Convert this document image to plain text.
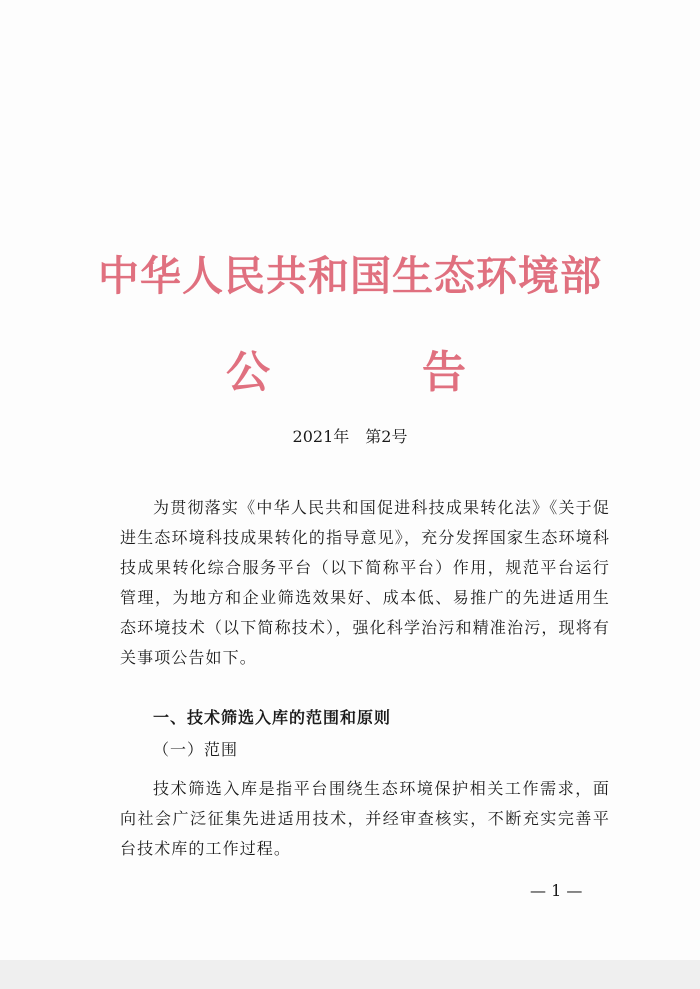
中华人民共和国生态环境部
公	告
2021年　第2号

为贯彻落实《中华人民共和国促进科技成果转化法》《关于促进生态环境科技成果转化的指导意见》，充分发挥国家生态环境科技成果转化综合服务平台（以下简称平台）作用，规范平台运行管理，为地方和企业筛选效果好、成本低、易推广的先进适用生态环境技术（以下简称技术），强化科学治污和精准治污，现将有关事项公告如下。

一、技术筛选入库的范围和原则
（一）范围

技术筛选入库是指平台围绕生态环境保护相关工作需求，面向社会广泛征集先进适用技术，并经审查核实，不断充实完善平台技术库的工作过程。

— 1 —
